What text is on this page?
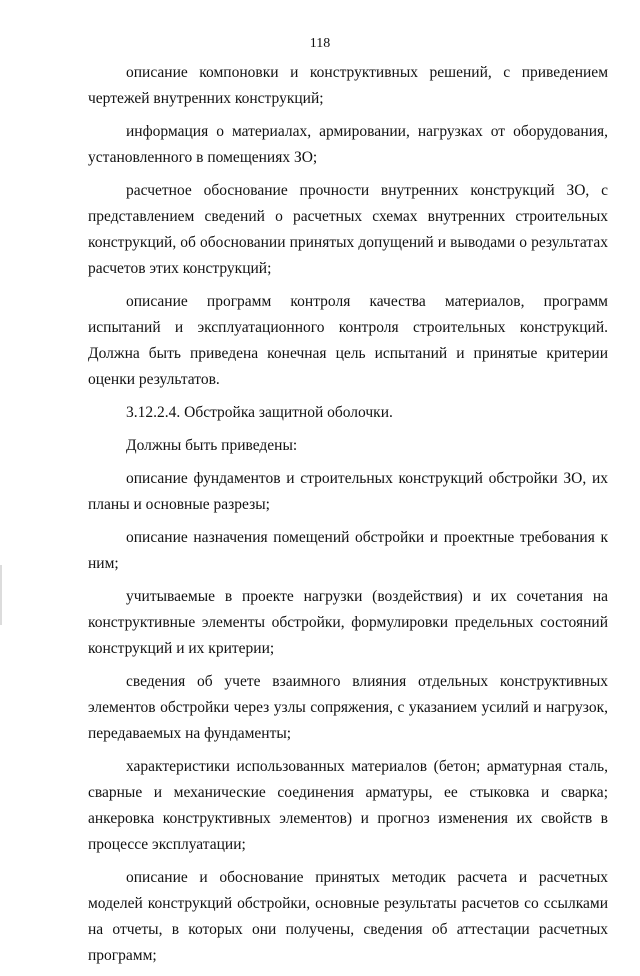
118

описание компоновки и конструктивных решений, с приведением чертежей внутренних конструкций;

информация о материалах, армировании, нагрузках от оборудования, установленного в помещениях ЗО;

расчетное обоснование прочности внутренних конструкций ЗО, с представлением сведений о расчетных схемах внутренних строительных конструкций, об обосновании принятых допущений и выводами о результатах расчетов этих конструкций;

описание программ контроля качества материалов, программ испытаний и эксплуатационного контроля строительных конструкций. Должна быть приведена конечная цель испытаний и принятые критерии оценки результатов.

3.12.2.4. Обстройка защитной оболочки.

Должны быть приведены:

описание фундаментов и строительных конструкций обстройки ЗО, их планы и основные разрезы;

описание назначения помещений обстройки и проектные требования к ним;

учитываемые в проекте нагрузки (воздействия) и их сочетания на конструктивные элементы обстройки, формулировки предельных состояний конструкций и их критерии;

сведения об учете взаимного влияния отдельных конструктивных элементов обстройки через узлы сопряжения, с указанием усилий и нагрузок, передаваемых на фундаменты;

характеристики использованных материалов (бетон; арматурная сталь, сварные и механические соединения арматуры, ее стыковка и сварка; анкеровка конструктивных элементов) и прогноз изменения их свойств в процессе эксплуатации;

описание и обоснование принятых методик расчета и расчетных моделей конструкций обстройки, основные результаты расчетов со ссылками на отчеты, в которых они получены, сведения об аттестации расчетных программ;
